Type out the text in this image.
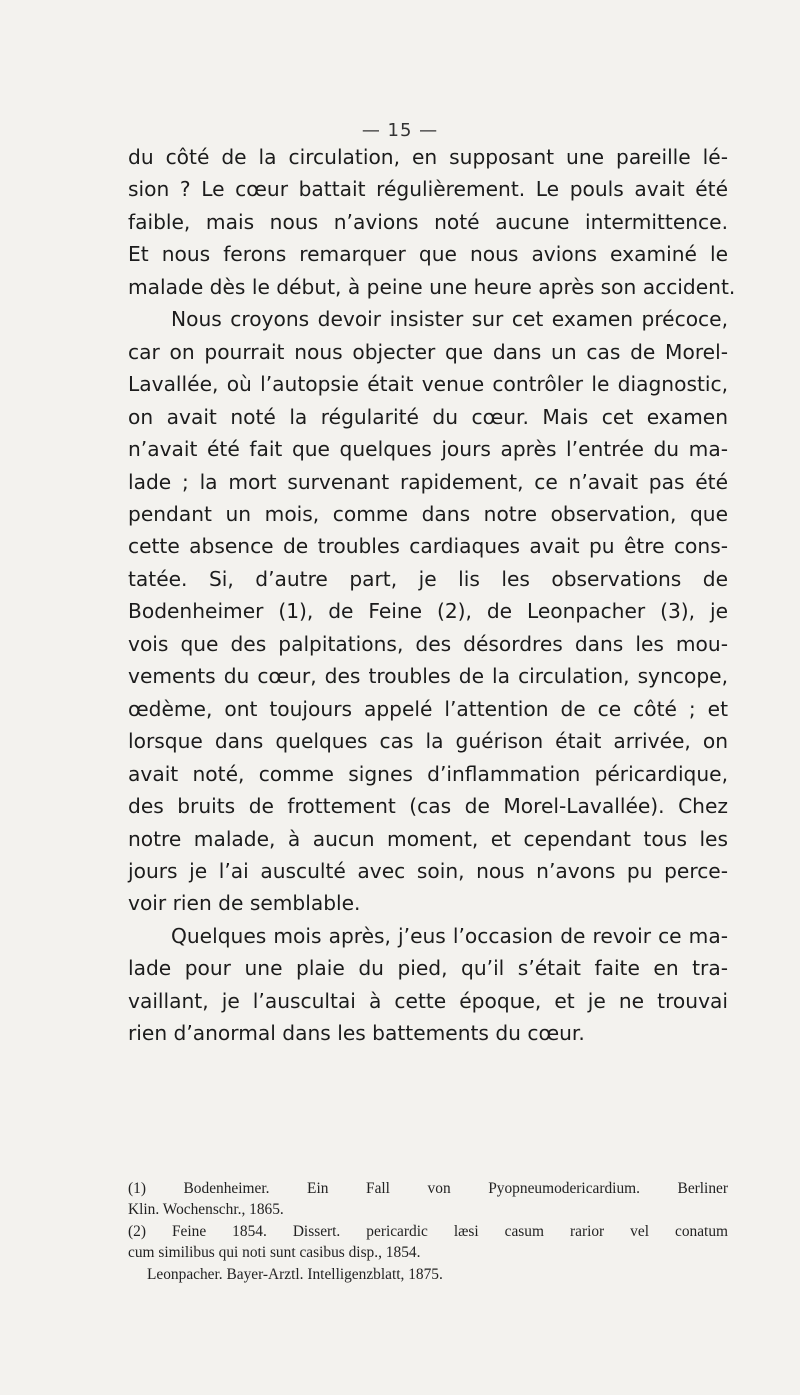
— 15 —
du côté de la circulation, en supposant une pareille lé-
sion ? Le cœur battait régulièrement. Le pouls avait été
faible, mais nous n’avions noté aucune intermittence.
Et nous ferons remarquer que nous avions examiné le
malade dès le début, à peine une heure après son accident.
Nous croyons devoir insister sur cet examen précoce,
car on pourrait nous objecter que dans un cas de Morel-
Lavallée, où l’autopsie était venue contrôler le diagnostic,
on avait noté la régularité du cœur. Mais cet examen
n’avait été fait que quelques jours après l’entrée du ma-
lade ; la mort survenant rapidement, ce n’avait pas été
pendant un mois, comme dans notre observation, que
cette absence de troubles cardiaques avait pu être cons-
tatée. Si, d’autre part, je lis les observations de
Bodenheimer (1), de Feine (2), de Leonpacher (3), je
vois que des palpitations, des désordres dans les mou-
vements du cœur, des troubles de la circulation, syncope,
œdème, ont toujours appelé l’attention de ce côté ; et
lorsque dans quelques cas la guérison était arrivée, on
avait noté, comme signes d’inflammation péricardique,
des bruits de frottement (cas de Morel-Lavallée). Chez
notre malade, à aucun moment, et cependant tous les
jours je l’ai ausculté avec soin, nous n’avons pu perce-
voir rien de semblable.
Quelques mois après, j’eus l’occasion de revoir ce ma-
lade pour une plaie du pied, qu’il s’était faite en tra-
vaillant, je l’auscultai à cette époque, et je ne trouvai
rien d’anormal dans les battements du cœur.
(1) Bodenheimer. Ein Fall von Pyopneumodericardium. Berliner
Klin. Wochenschr., 1865.
(2) Feine 1854. Dissert. pericardic læsi casum rarior vel conatum
cum similibus qui noti sunt casibus disp., 1854.
Leonpacher. Bayer-Arztl. Intelligenzblatt, 1875.
